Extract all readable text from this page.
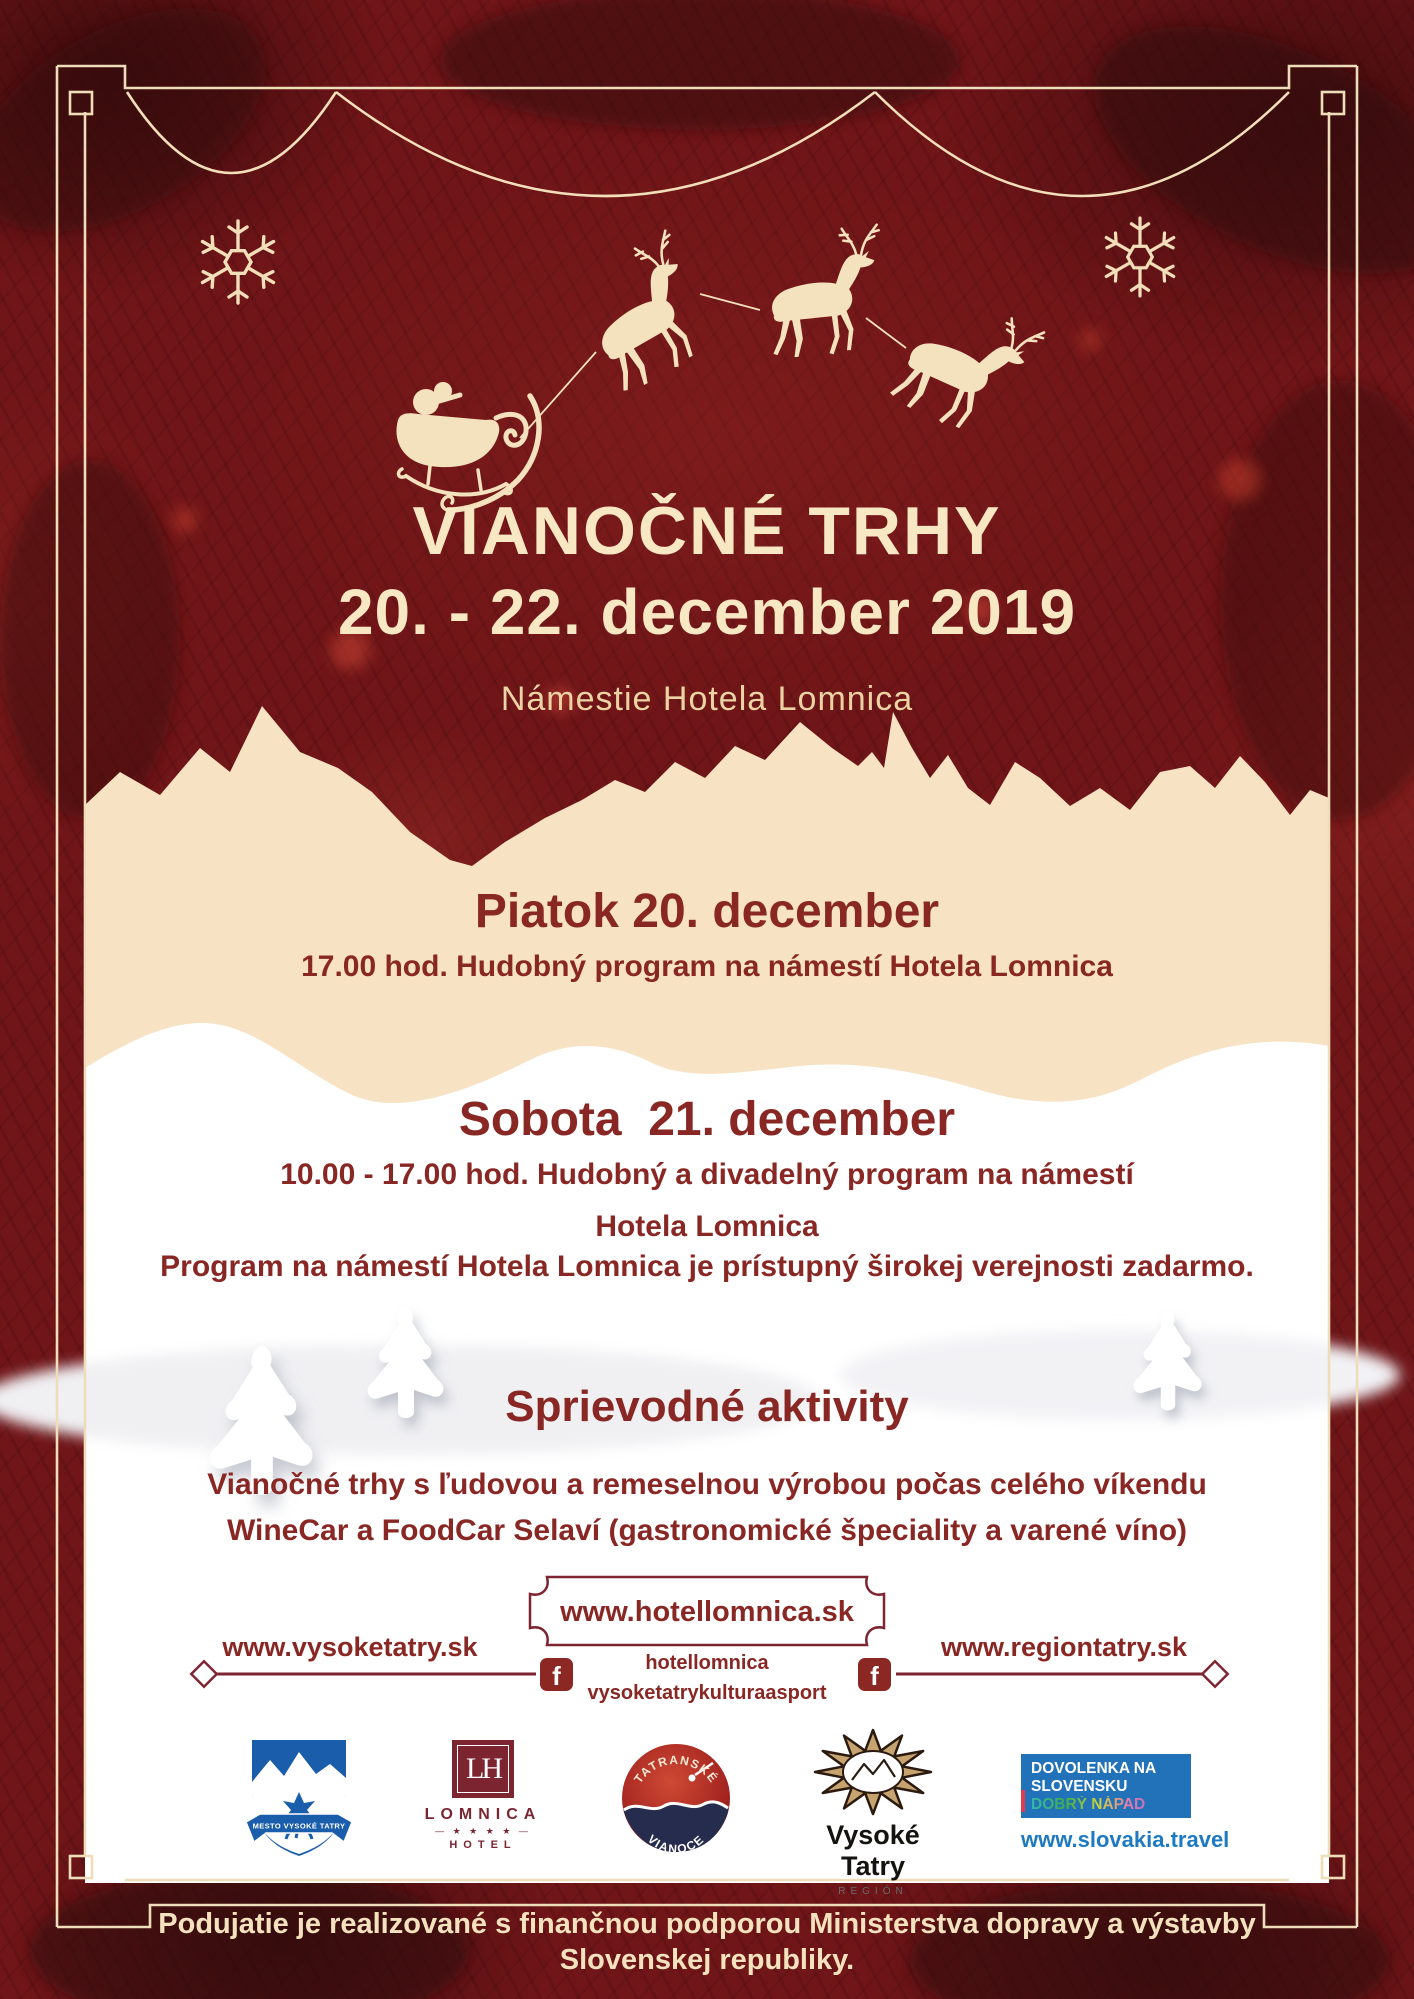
MESTO VYSOKÉ TATRY
TATRANSKÉ
VIANOCE
VIANOČNÉ TRHY
20. - 22. december 2019
Námestie Hotela Lomnica
Piatok 20. december
17.00 hod. Hudobný program na námestí Hotela Lomnica
Sobota  21. december
10.00 - 17.00 hod. Hudobný a divadelný program na námestí
Hotela Lomnica
Program na námestí Hotela Lomnica je prístupný širokej verejnosti zadarmo.
Sprievodné aktivity
Vianočné trhy s ľudovou a remeselnou výrobou počas celého víkendu
WineCar a FoodCar Selaví (gastronomické špeciality a varené víno)
www.hotellomnica.sk
www.vysoketatry.sk	www.regiontatry.sk
f	f
hotellomnica
vysoketatrykulturaasport
LH
LOMNICA
— ★ ★ ★ ★ —
HOTEL	Vysoké Tatry
REGIÓN
DOVOLENKA NA
SLOVENSKU
DOBRÝ NÁPAD
www.slovakia.travel
Podujatie je realizované s finančnou podporou Ministerstva dopravy a výstavby
Slovenskej republiky.
